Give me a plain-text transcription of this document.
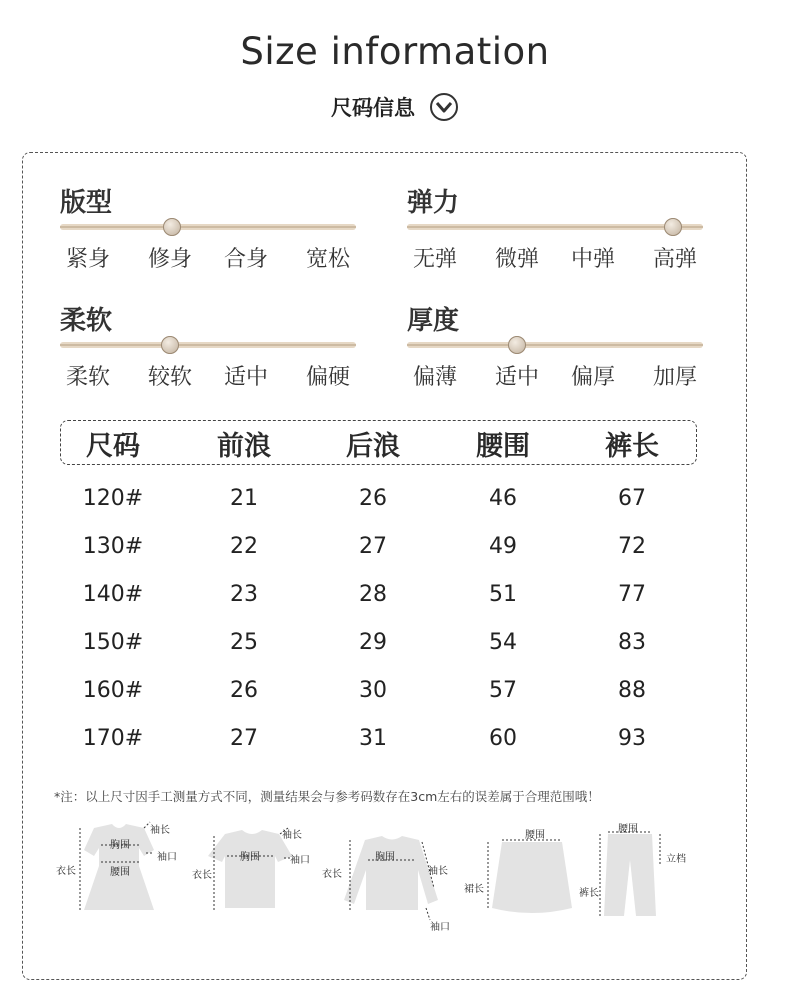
Size information
尺码信息
版型
紧身 修身 合身 宽松
弹力
无弹 微弹 中弹 高弹
柔软
柔软 较软 适中 偏硬
厚度
偏薄 适中 偏厚 加厚
尺码	前浪	后浪	腰围	裤长
120#	21	26	46	67
130#	22	27	49	72
140#	23	28	51	77
150#	25	29	54	83
160#	26	30	57	88
170#	27	31	60	93
*注：以上尺寸因手工测量方式不同，测量结果会与参考码数存在3cm左右的误差属于合理范围哦！
衣长
胸围
腰围
袖长
袖口
衣长
胸围
袖长
袖口
衣长
胸围
袖长
袖口
腰围
裙长
腰围
裤长
立档
